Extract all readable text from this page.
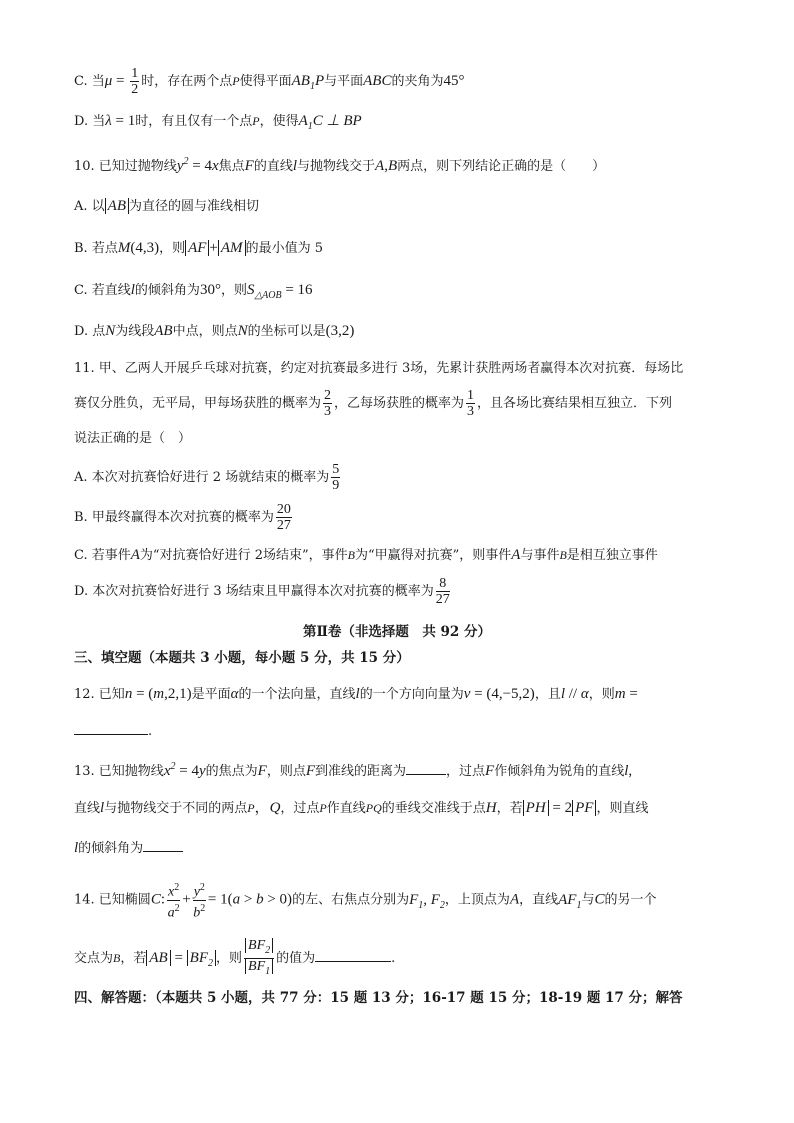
C. 当$\mu = \frac{1}{2}$ 时，存在两个点P使得平面$AB_1P$与平面ABC的夹角为45°
D. 当λ = 1时，有且仅有一个点P，使得$A_1C$ ⊥ BP
10. 已知过抛物线$y^2 = 4x$焦点F的直线l与抛物线交于A,B两点，则下列结论正确的是（　　）
A. 以 AB 为直径的圆与准线相切
B. 若点M(4,3)，则 AF + AM 的最小值为 5
C. 若直线l的倾斜角为30°，则$S_{\triangle AOB} = 16$
D. 点N为线段AB中点，则点N的坐标可以是(3,2)
11. 甲、乙两人开展乒乓球对抗赛，约定对抗赛最多进行 3场，先累计获胜两场者赢得本次对抗赛．每场比
赛仅分胜负，无平局，甲每场获胜的概率为 $\frac{2}{3}$ ，乙每场获胜的概率为 $\frac{1}{3}$ ，且各场比赛结果相互独立．下列
说法正确的是（　）
A. 本次对抗赛恰好进行 2 场就结束的概率为 $\frac{5}{9}$
B. 甲最终赢得本次对抗赛的概率为 $\frac{20}{27}$
C. 若事件A为“对抗赛恰好进行 2场结束”，事件B为“甲赢得对抗赛”，则事件A与事件B是相互独立事件
D. 本次对抗赛恰好进行 3 场结束且甲赢得本次对抗赛的概率为 $\frac{8}{27}$
第Ⅱ卷（非选择题　共 92 分）
三、填空题（本题共 3 小题，每小题 5 分，共 15 分）
12. 已知n = (m,2,1)是平面α的一个法向量，直线l的一个方向向量为v = (4,−5,2)，且l // α，则m =
.
13. 已知抛物线$x^2 = 4y$的焦点为F，则点F到准线的距离为	，过点F作倾斜角为锐角的直线l,
直线l与抛物线交于不同的两点P，Q，过点P作直线PQ的垂线交准线于点H，若 PH = 2 PF ，则直线
l的倾斜角为
14. 已知椭圆C: $\frac{x^2}{a^2} + \frac{y^2}{b^2} = 1(a > b > 0)$的左、右焦点分别为$F_1$, $F_2$，上顶点为A，直线$AF_1$与C的另一个
交点为B，若 AB = $BF_2$ ，则 $\frac{BF_2}{BF_1}$ 的值为	.
四、解答题：（本题共 5 小题，共 77 分：15 题 13 分；16-17 题 15 分；18-19 题 17 分；解答
